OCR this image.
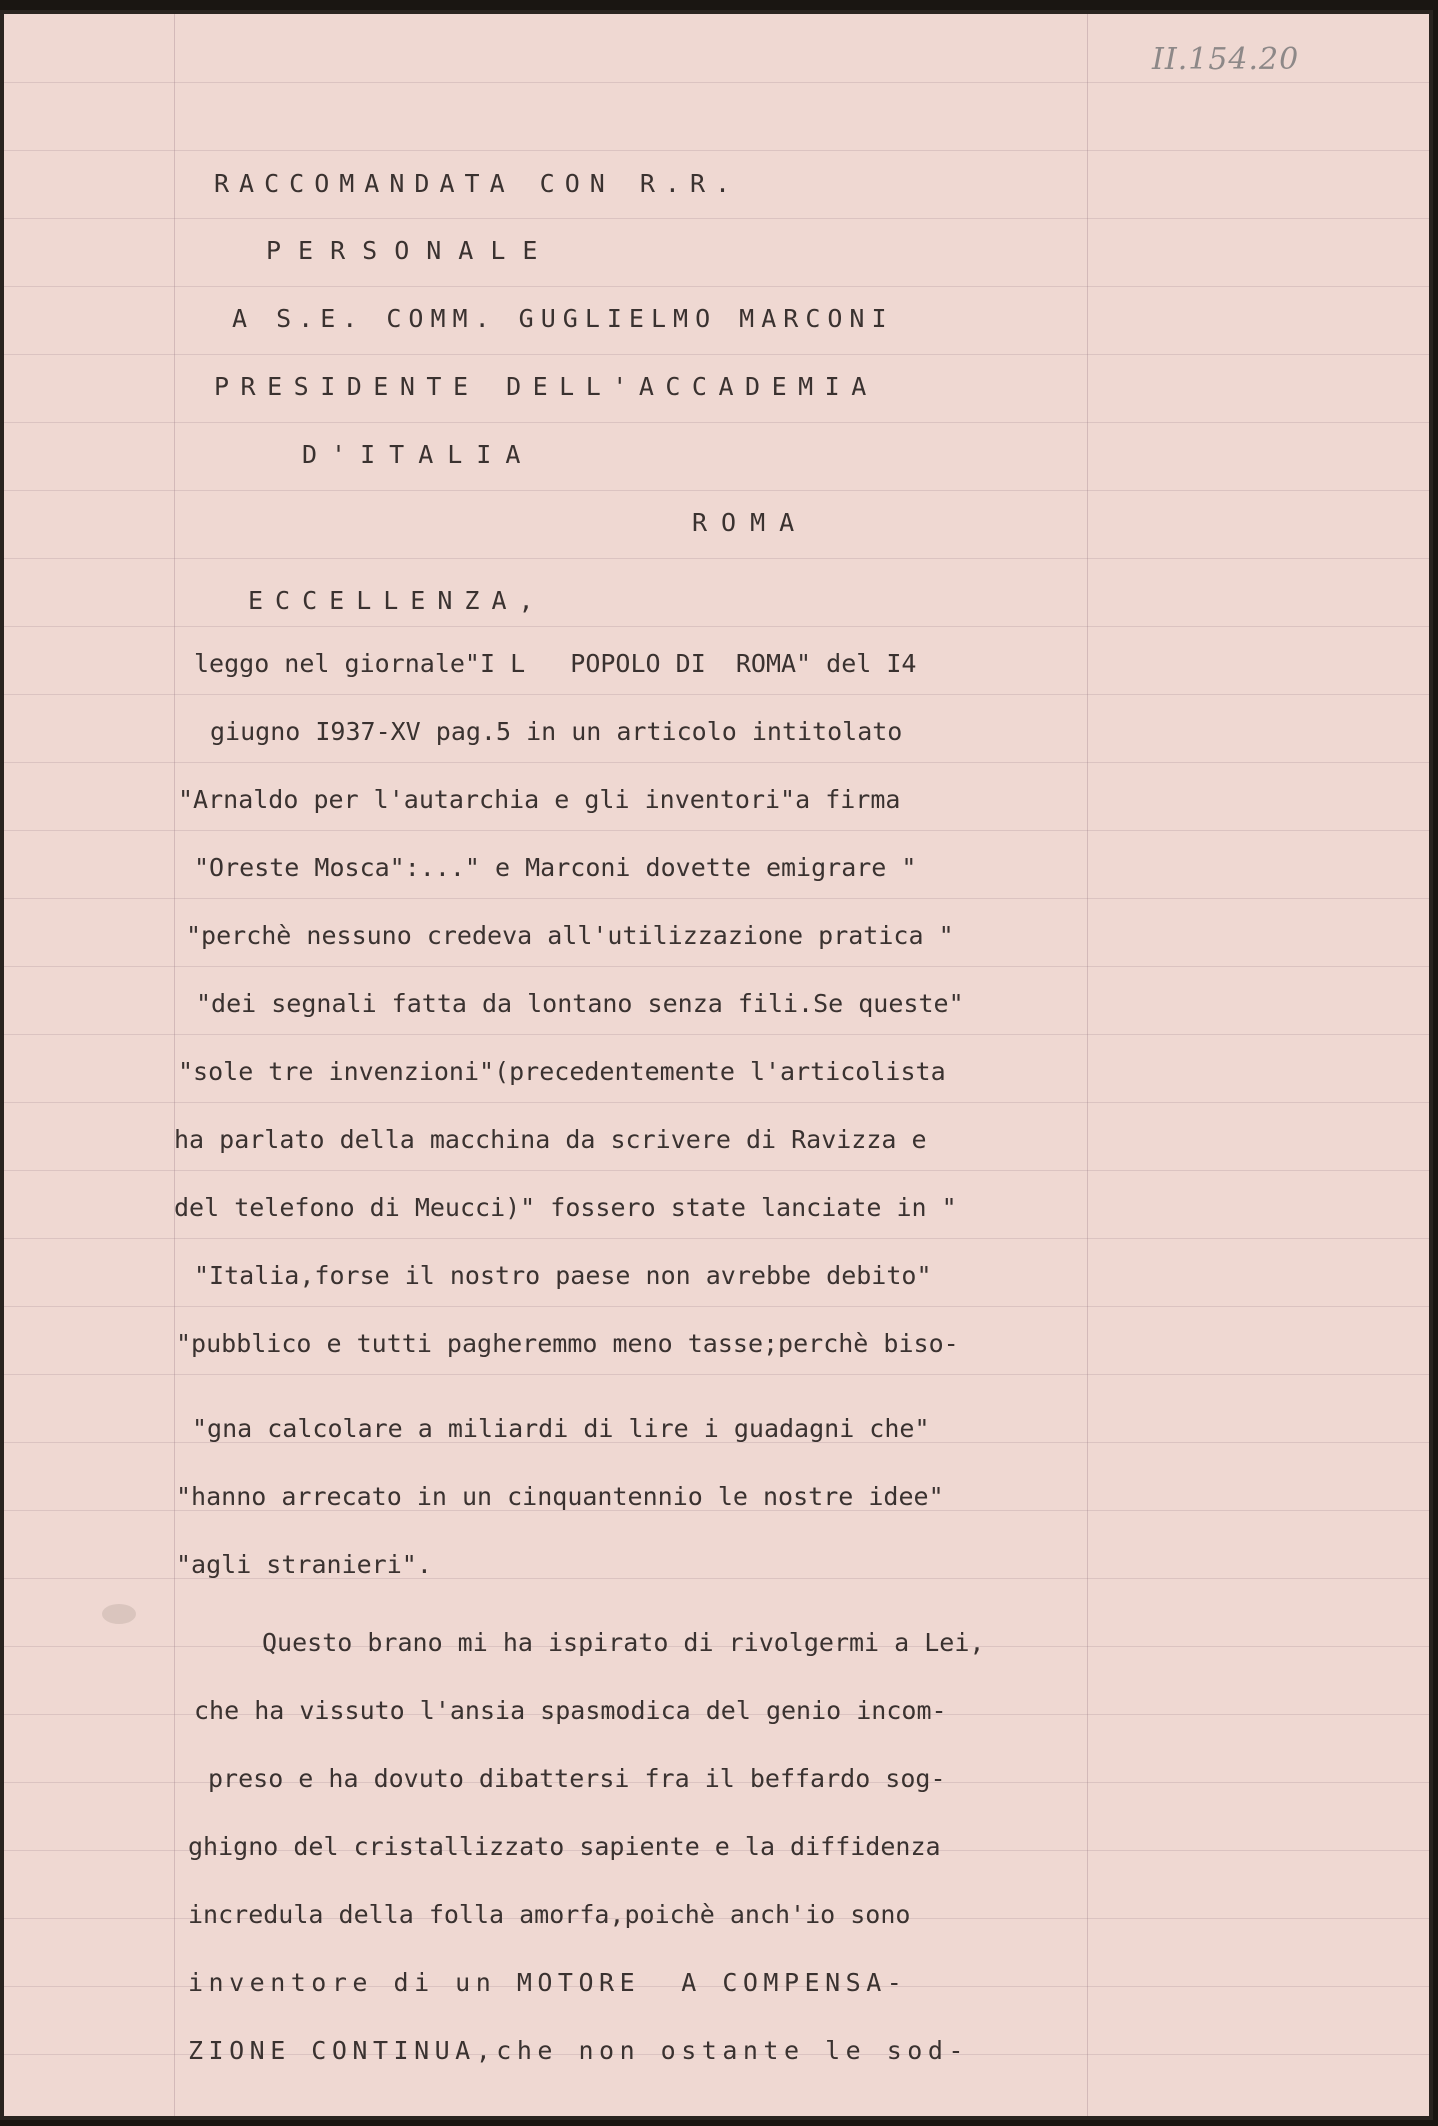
II.154.20
RACCOMANDATA CON R.R.
PERSONALE
A S.E. COMM. GUGLIELMO MARCONI
PRESIDENTE DELL'ACCADEMIA
D'ITALIA
ROMA
ECCELLENZA,
leggo nel giornale"I L   POPOLO DI  ROMA" del I4
giugno I937-XV pag.5 in un articolo intitolato
"Arnaldo per l'autarchia e gli inventori"a firma
"Oreste Mosca":..." e Marconi dovette emigrare "
"perchè nessuno credeva all'utilizzazione pratica "
"dei segnali fatta da lontano senza fili.Se queste"
"sole tre invenzioni"(precedentemente l'articolista
ha parlato della macchina da scrivere di Ravizza e
del telefono di Meucci)" fossero state lanciate in "
"Italia,forse il nostro paese non avrebbe debito"
"pubblico e tutti pagheremmo meno tasse;perchè biso-
"gna calcolare a miliardi di lire i guadagni che"
"hanno arrecato in un cinquantennio le nostre idee"
"agli stranieri".
Questo brano mi ha ispirato di rivolgermi a Lei,
che ha vissuto l'ansia spasmodica del genio incom-
preso e ha dovuto dibattersi fra il beffardo sog-
ghigno del cristallizzato sapiente e la diffidenza
incredula della folla amorfa,poichè anch'io sono
inventore di un MOTORE  A COMPENSA-
ZIONE CONTINUA,che non ostante le sod-
